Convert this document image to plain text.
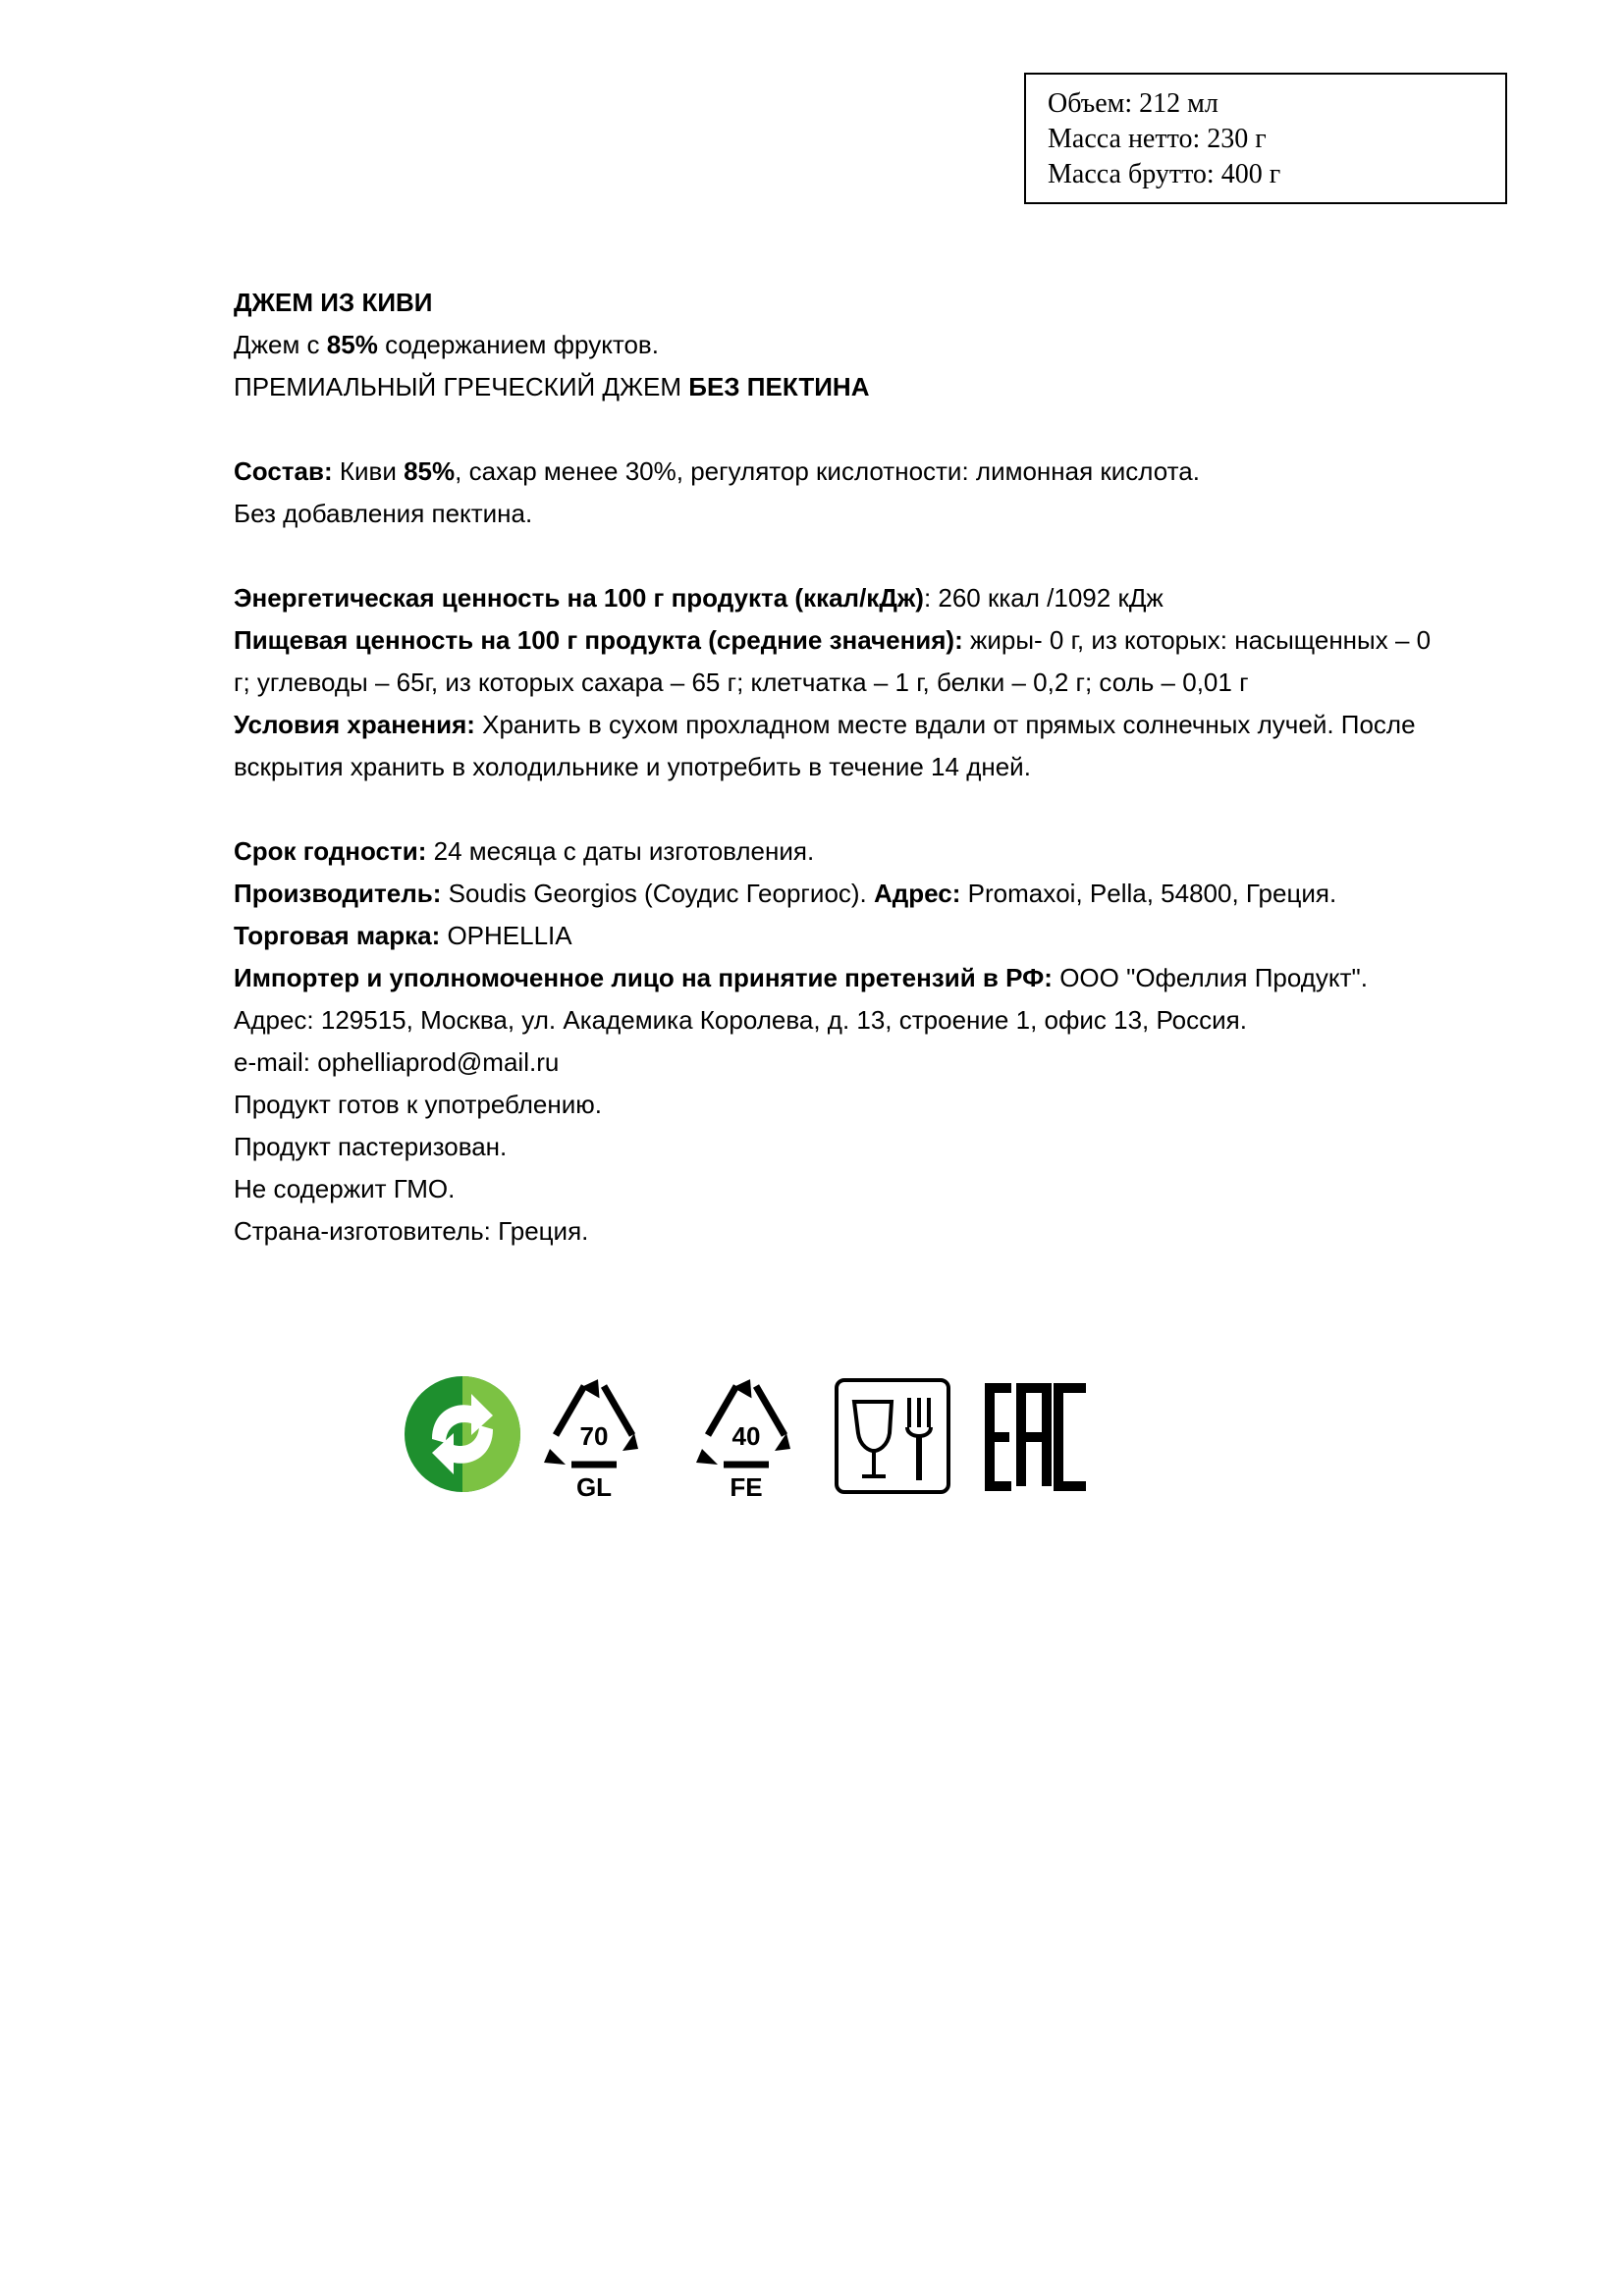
Объем: 212 мл
Масса нетто: 230 г
Масса брутто: 400 г

ДЖЕМ ИЗ КИВИ

Джем с 85% содержанием фруктов.

ПРЕМИАЛЬНЫЙ ГРЕЧЕСКИЙ ДЖЕМ БЕЗ ПЕКТИНА

Состав: Киви 85%, сахар менее 30%, регулятор кислотности: лимонная кислота.

Без добавления пектина.

Энергетическая ценность на 100 г продукта (ккал/кДж): 260 ккал /1092 кДж

Пищевая ценность на 100 г продукта (средние значения): жиры- 0 г, из которых: насыщенных – 0

г; углеводы – 65г, из которых сахара – 65 г; клетчатка – 1 г, белки – 0,2 г; соль – 0,01 г

Условия хранения: Хранить в сухом прохладном месте вдали от прямых солнечных лучей. После

вскрытия хранить в холодильнике и употребить в течение 14 дней.

Срок годности: 24 месяца с даты изготовления.

Производитель: Soudis Georgios (Соудис Георгиос). Адрес: Promaxoi, Pella, 54800, Греция.

Торговая марка: OPHELLIA

Импортер и уполномоченное лицо на принятие претензий в РФ: ООО "Офеллия Продукт".

Адрес: 129515, Москва, ул. Академика Королева, д. 13, строение 1, офис 13, Россия.

e-mail: ophelliaprod@mail.ru

Продукт готов к употреблению.

Продукт пастеризован.

Не содержит ГМО.

Страна-изготовитель: Греция.

70
GL
40
FE
